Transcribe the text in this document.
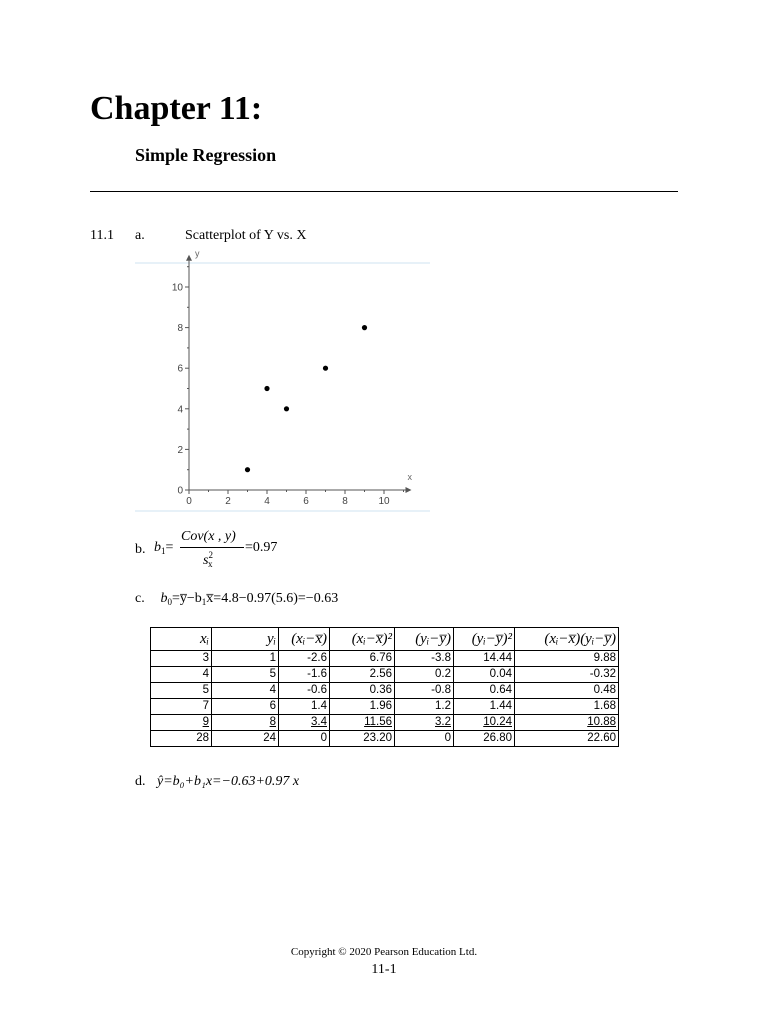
Chapter 11:
Simple Regression
11.1 a.	Scatterplot of Y vs. X
0	2	4	6	8	10
0
2
4
6
8
10
x
y
b. $b_1=$
Cov(x , y)
$s^2_x$
=0.97
c. $b_0=y̅-b_1x̅=4.8-0.97(5.6)=-0.63$
xᵢ	yᵢ	(xᵢ−x̅)	(xᵢ−x̅)²	(yᵢ−y̅)	(yᵢ−y̅)²	(xᵢ−x̅)(yᵢ−y̅)
3	1	-2.6	6.76	-3.8	14.44	9.88
4	5	-1.6	2.56	0.2	0.04	-0.32
5	4	-0.6	0.36	-0.8	0.64	0.48
7	6	1.4	1.96	1.2	1.44	1.68
9	8	3.4	11.56	3.2	10.24	10.88
28	24	0	23.20	0	26.80	22.60
d. ŷ=b₀+b₁x=−0.63+0.97 x
Copyright © 2020 Pearson Education Ltd.
11-1
